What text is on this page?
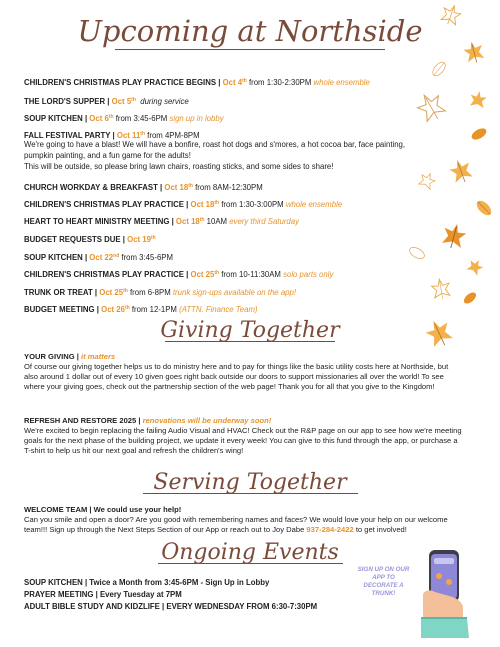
Upcoming at Northside
Giving Together
Serving Together
Ongoing Events
CHILDREN'S CHRISTMAS PLAY PRACTICE BEGINS | Oct 4th from 1:30-2:30PM whole ensemble
THE LORD'S SUPPER | Oct 5th during service
SOUP KITCHEN | Oct 6th from 3:45-6PM sign up in lobby
FALL FESTIVAL PARTY | Oct 11th from 4PM-8PM
We're going to have a blast! We will have a bonfire, roast hot dogs and s'mores, a hot cocoa bar, face painting,
pumpkin painting, and a fun game for the adults!
This will be outside, so please bring lawn chairs, roasting sticks, and some sides to share!
CHURCH WORKDAY & BREAKFAST | Oct 18th from 8AM-12:30PM
CHILDREN'S CHRISTMAS PLAY PRACTICE | Oct 18th from 1:30-3:00PM whole ensemble
HEART TO HEART MINISTRY MEETING | Oct 18th 10AM every third Saturday
BUDGET REQUESTS DUE | Oct 19th
SOUP KITCHEN | Oct 22nd from 3:45-6PM
CHILDREN'S CHRISTMAS PLAY PRACTICE | Oct 25th from 10-11:30AM solo parts only
TRUNK OR TREAT | Oct 25th from 6-8PM trunk sign-ups available on the app!
BUDGET MEETING | Oct 26th from 12-1PM (ATTN. Finance Team)
YOUR GIVING | it matters
Of course our giving together helps us to do ministry here and to pay for things like the basic utility costs here at Northside, but also around 1 dollar out of every 10 given goes right back outside our doors to support missionaries all over the world! To see where your giving goes, check out the partnership section of the web page! Thank you for all that you give to the Kingdom!
REFRESH AND RESTORE 2025 | renovations will be underway soon!
We're excited to begin replacing the failing Audio Visual and HVAC! Check out the R&P page on our app to see how we're meeting goals for the next phase of the building project, we update it every week! You can give to this fund through the app, or purchase a T-shirt to help us hit our next goal and refresh the children's wing!
WELCOME TEAM | We could use your help!
Can you smile and open a door? Are you good with remembering names and faces? We would love your help on our welcome team!!! Sign up through the Next Steps Section of our App or reach out to Joy Dabe 937-284-2422 to get involved!
SOUP KITCHEN | Twice a Month from 3:45-6PM - Sign Up in Lobby
PRAYER MEETING | Every Tuesday at 7PM
ADULT BIBLE STUDY AND KIDZLIFE | EVERY WEDNESDAY FROM 6:30-7:30PM
SIGN UP ON OUR APP TO DECORATE A TRUNK!
